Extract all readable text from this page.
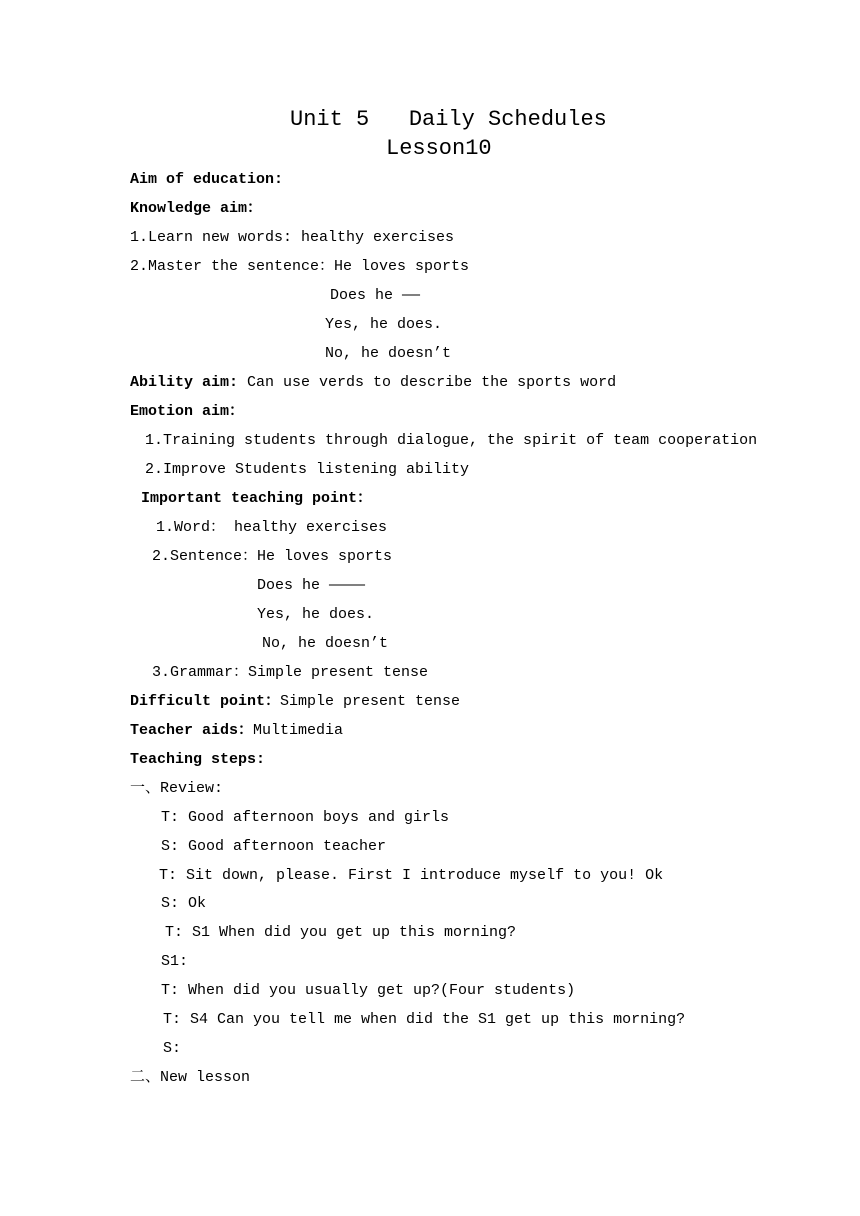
Unit 5   Daily Schedules
Lesson10
Aim of education:
Knowledge aim：
1.Learn new words: healthy exercises
2.Master the sentence：He loves sports
Does he ——
Yes, he does.
No, he doesn’t
Ability aim: Can use verds to describe the sports word
Emotion aim：
1.Training students through dialogue, the spirit of team cooperation
2.Improve Students listening ability
Important teaching point：
1.Word： healthy exercises
2.Sentence：He loves sports
Does he ————
Yes, he does.
No, he doesn’t
3.Grammar：Simple present tense
Difficult point：Simple present tense
Teacher aids：Multimedia
Teaching steps:
一、Review:
T: Good afternoon boys and girls
S: Good afternoon teacher
T: Sit down, please. First I introduce myself to you! Ok
S: Ok
T: S1 When did you get up this morning?
S1:
T: When did you usually get up?(Four students)
T: S4 Can you tell me when did the S1 get up this morning?
S:
二、New lesson
